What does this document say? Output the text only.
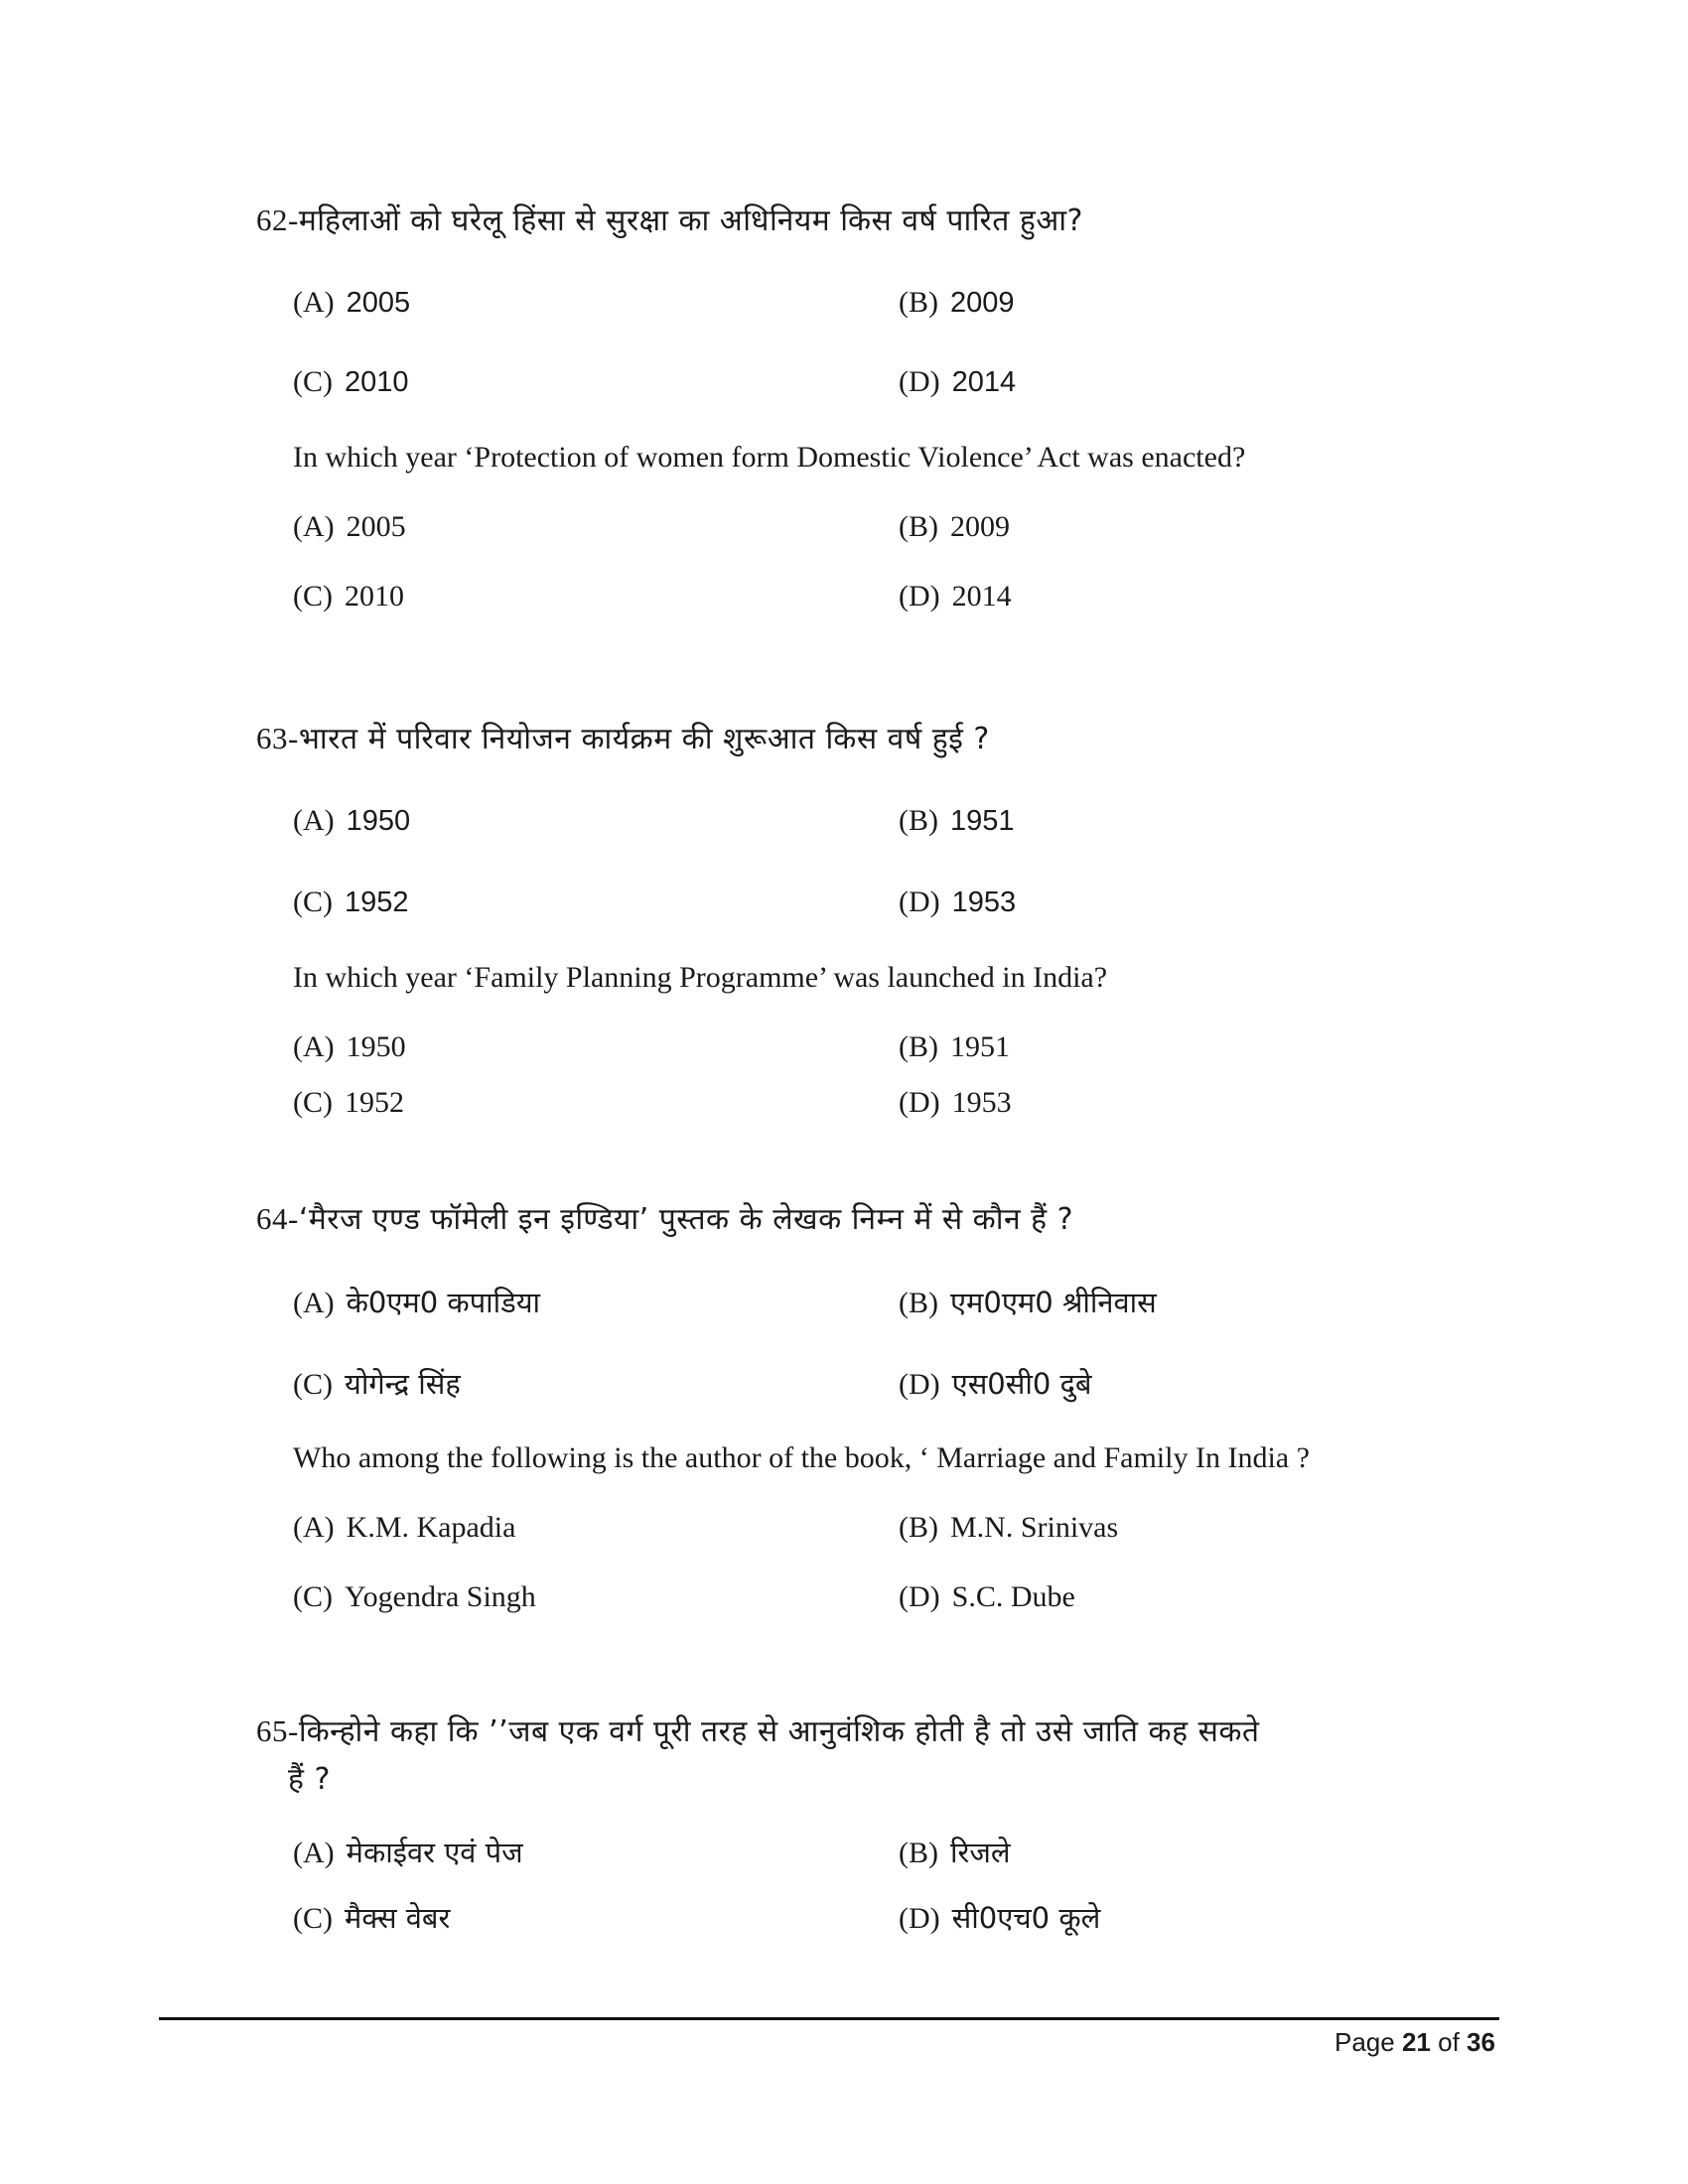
62-महिलाओं को घरेलू हिंसा से सुरक्षा का अधिनियम किस वर्ष पारित हुआ?
(A) 2005	(B) 2009
(C) 2010	(D) 2014
In which year ‘Protection of women form Domestic Violence’ Act was enacted?
(A) 2005	(B) 2009
(C) 2010	(D) 2014
63-भारत में परिवार नियोजन कार्यक्रम की शुरूआत किस वर्ष हुई ?
(A) 1950	(B) 1951
(C) 1952	(D) 1953
In which year ‘Family Planning Programme’ was launched in India?
(A) 1950	(B) 1951
(C) 1952	(D) 1953
64-‘मैरज एण्ड फॉमेली इन इण्डिया’ पुस्तक के लेखक निम्न में से कौन हैं ?
(A) के0एम0 कपाडिया	(B) एम0एम0 श्रीनिवास
(C) योगेन्द्र सिंह	(D) एस0सी0 दुबे
Who among the following is the author of the book, ‘ Marriage and Family In India ?
(A) K.M. Kapadia	(B) M.N. Srinivas
(C) Yogendra Singh	(D) S.C. Dube
65-किन्होने कहा कि ’’जब एक वर्ग पूरी तरह से आनुवंशिक होती है तो उसे जाति कह सकते
हैं ?
(A) मेकाईवर एवं पेज	(B) रिजले
(C) मैक्स वेबर	(D) सी0एच0 कूले
Page 21 of 36
